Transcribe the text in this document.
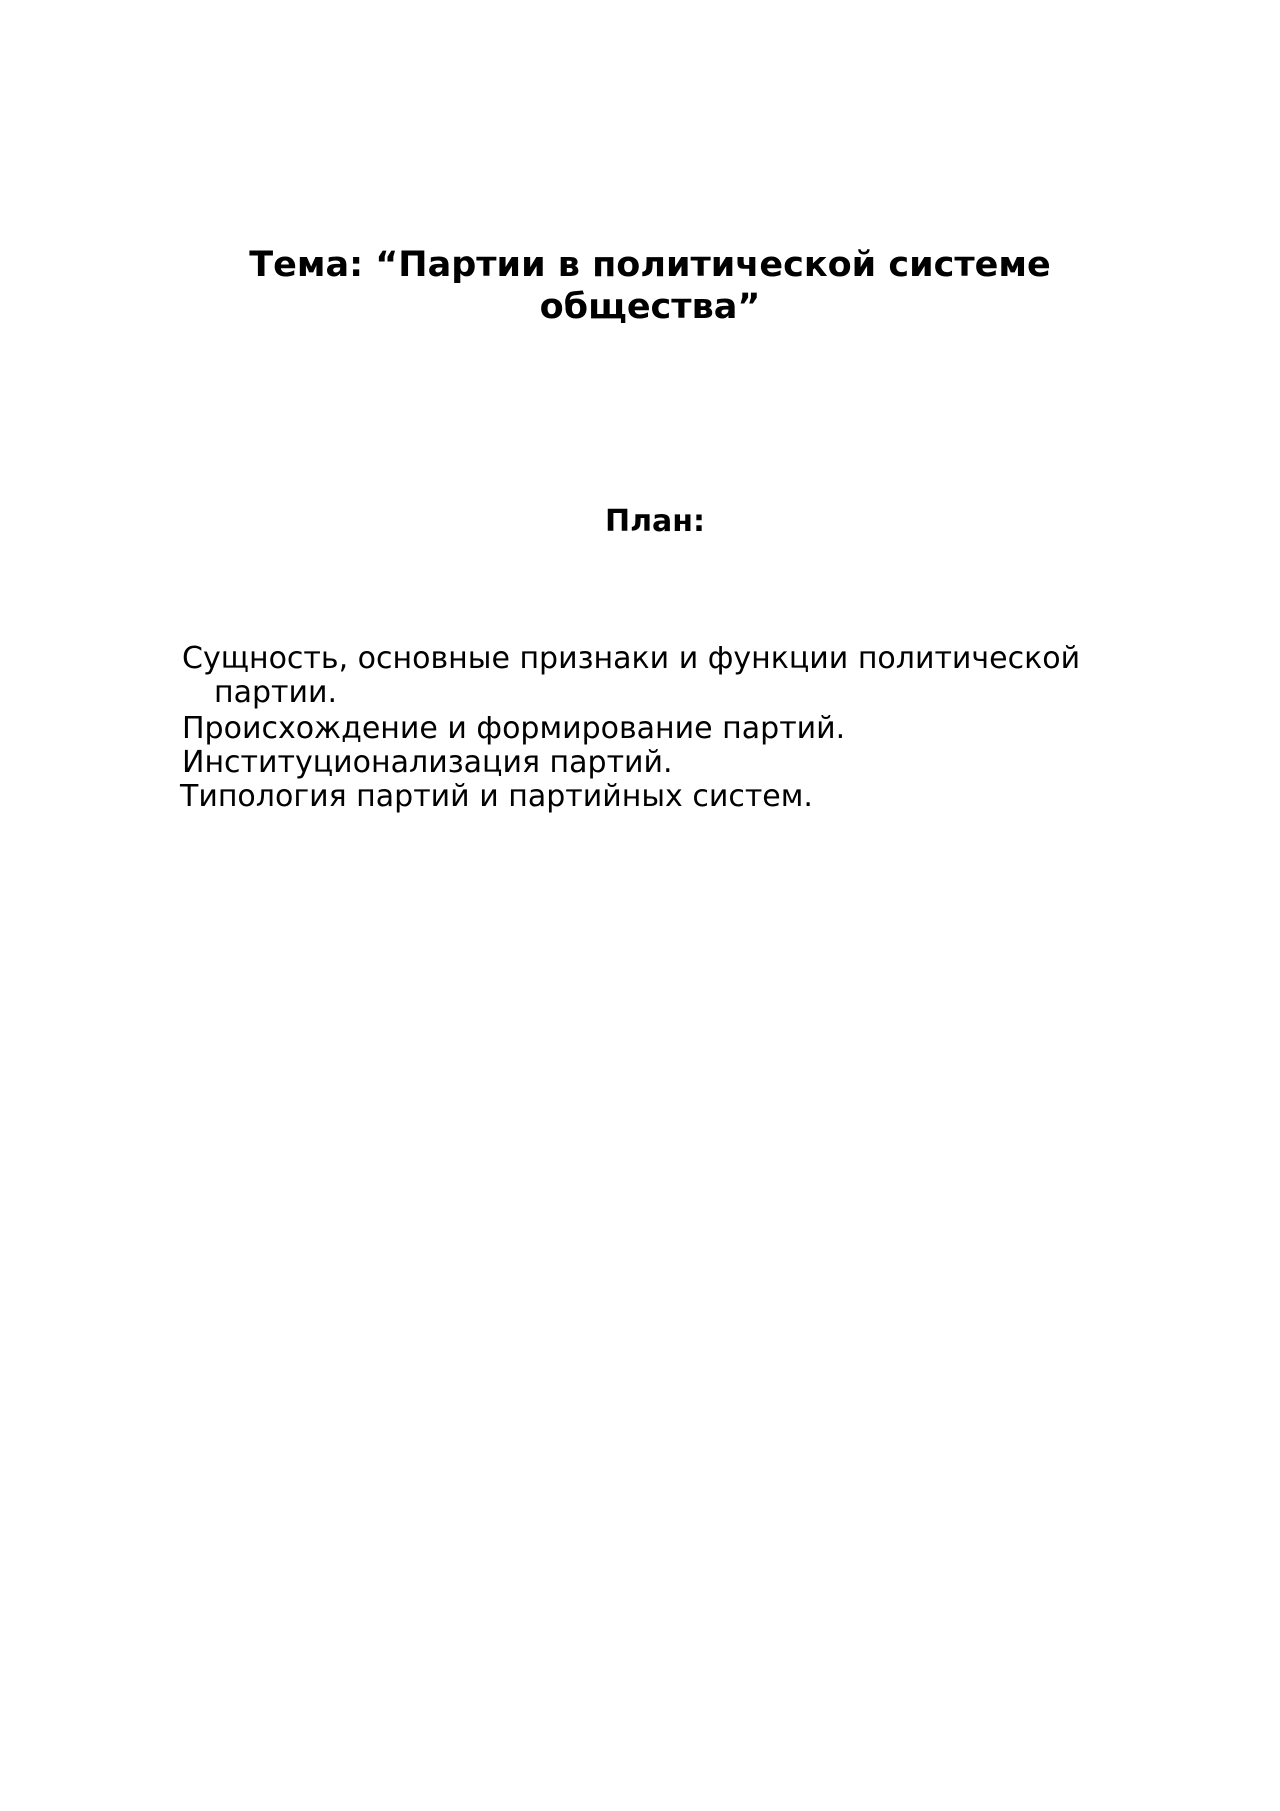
Тема: “Партии в политической системе
общества”
План:
Сущность, основные признаки и функции политической
партии.
Происхождение и формирование партий.
Институционализация партий.
Типология партий и партийных систем.
